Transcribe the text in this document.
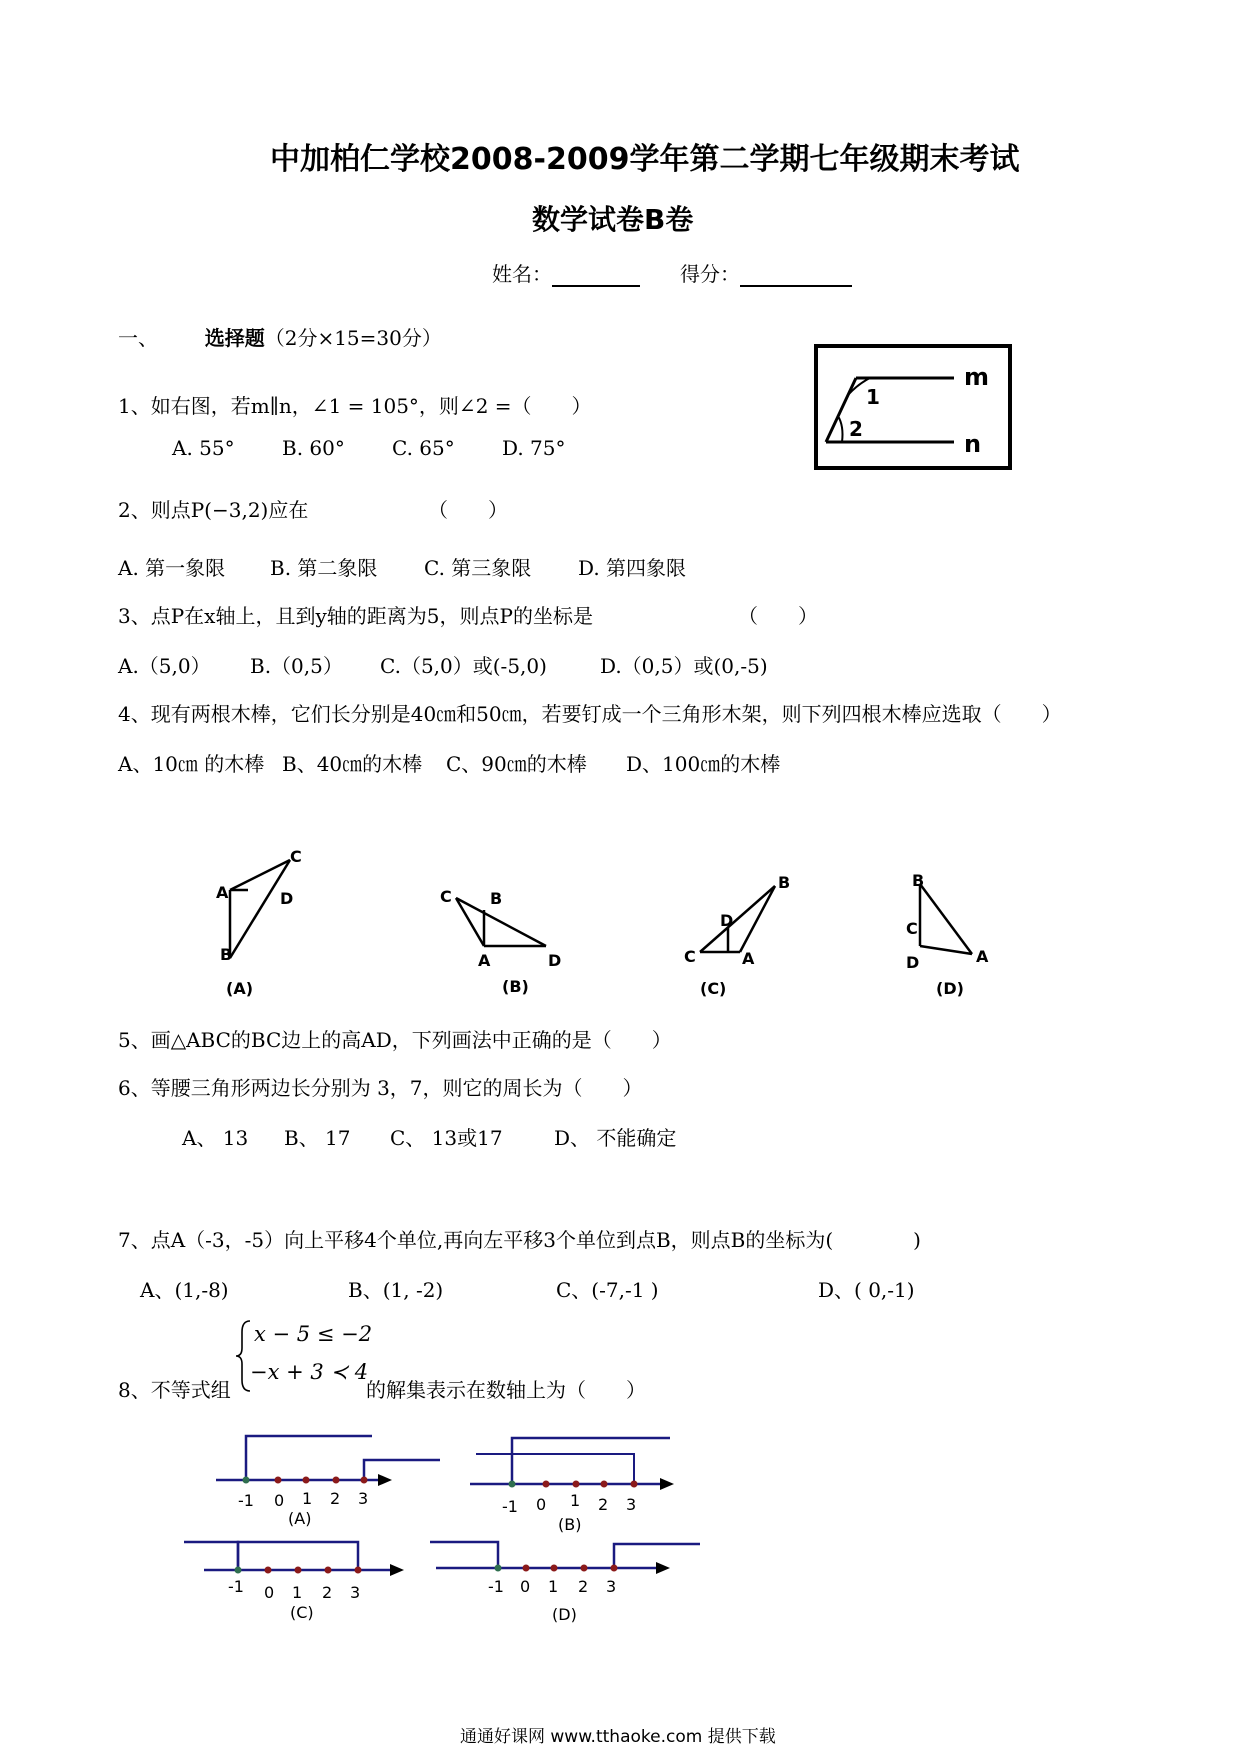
中加柏仁学校2008-2009学年第二学期七年级期末考试
数学试卷B卷
姓名：	得分：
一、 选择题（2分×15=30分）
1
2
m
n
1、如右图，若m∥n，∠1 = 105°，则∠2 =（　　）
A. 55° B. 60° C. 65° D. 75°
2、则点P(−3,2)应在	（　　）
A. 第一象限 B. 第二象限 C. 第三象限 D. 第四象限
3、点P在x轴上，且到y轴的距离为5，则点P的坐标是	（　　）
A.（5,0） B.（0,5） C.（5,0）或(-5,0)	D.（0,5）或(0,-5)
4、现有两根木棒，它们长分别是40㎝和50㎝，若要钉成一个三角形木架，则下列四根木棒应选取（　　）
A、10㎝ 的木棒 B、40㎝的木棒 C、90㎝的木棒 D、100㎝的木棒
C
A	D
B
C B
A	D
B
D
C	A
B
C
D	A
(A)	(B)	(C)	(D)
5、画△ABC的BC边上的高AD，下列画法中正确的是（　　）
6、等腰三角形两边长分别为 3，7，则它的周长为（　　）
A、 13 B、 17 C、 13或17	D、 不能确定
7、点A（-3，-5）向上平移4个单位,再向左平移3个单位到点B，则点B的坐标为(　　　　)
A、(1,-8)	B、(1, -2)	C、(-7,-1 )	D、( 0,-1)
8、不等式组
x − 5 ≤ −2
−x + 3 ≺ 4
的解集表示在数轴上为（　　）
-1 0 1 2 3
(A)
-1 0 1 2 3
(B)
-1 0 1 2 3
(C)
-1 0 1 2 3
(D)
通通好课网 www.tthaoke.com 提供下载
